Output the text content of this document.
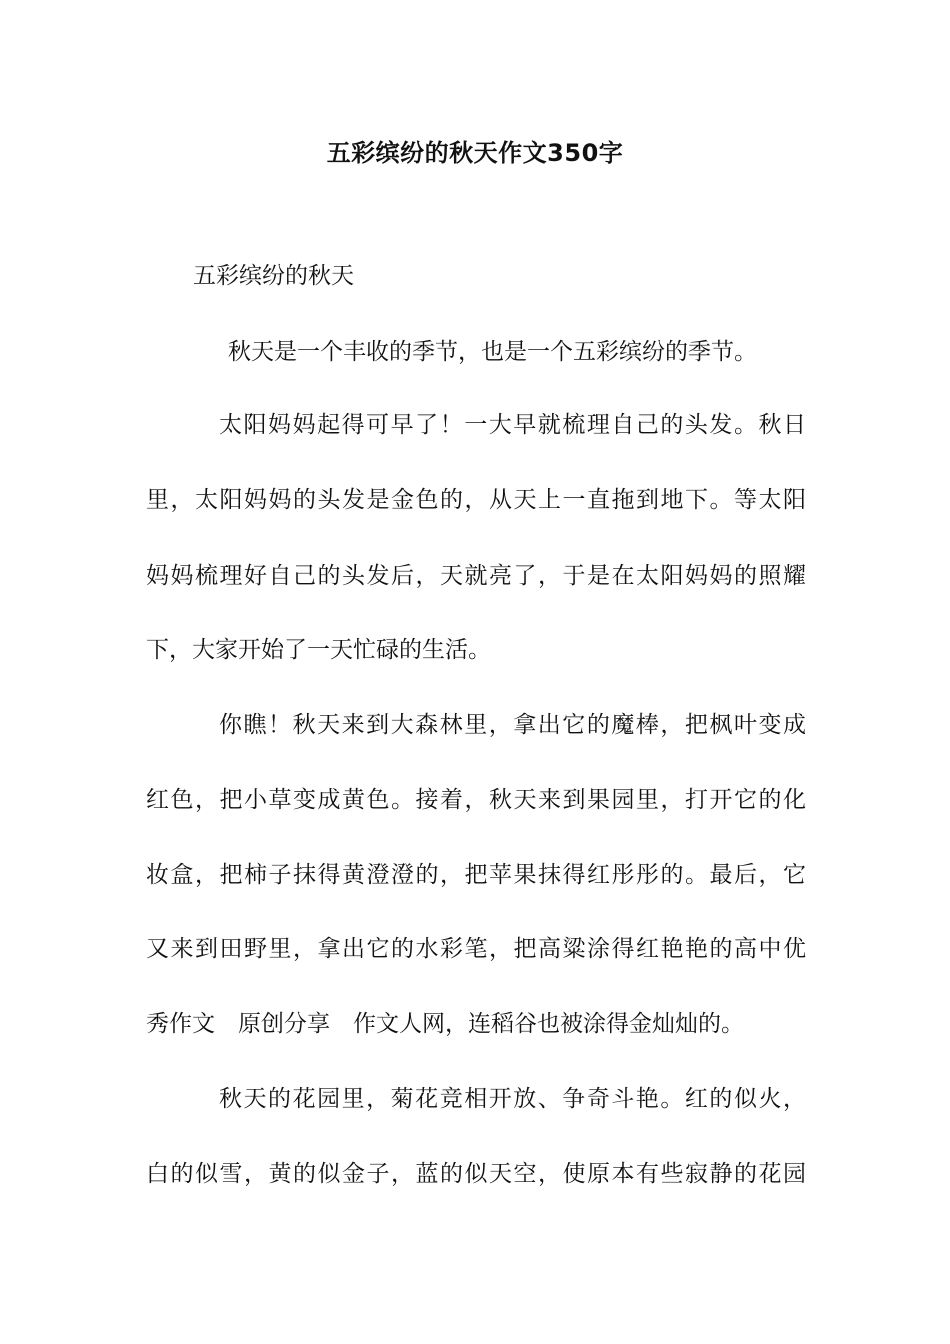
五彩缤纷的秋天作文350字
五彩缤纷的秋天
秋天是一个丰收的季节，也是一个五彩缤纷的季节。
太阳妈妈起得可早了！一大早就梳理自己的头发。秋日
里，太阳妈妈的头发是金色的，从天上一直拖到地下。等太阳
妈妈梳理好自己的头发后，天就亮了，于是在太阳妈妈的照耀
下，大家开始了一天忙碌的生活。
你瞧！秋天来到大森林里，拿出它的魔棒，把枫叶变成
红色，把小草变成黄色。接着，秋天来到果园里，打开它的化
妆盒，把柿子抹得黄澄澄的，把苹果抹得红彤彤的。最后，它
又来到田野里，拿出它的水彩笔，把高粱涂得红艳艳的高中优
秀作文　原创分享　作文人网，连稻谷也被涂得金灿灿的。
秋天的花园里，菊花竞相开放、争奇斗艳。红的似火，
白的似雪，黄的似金子，蓝的似天空，使原本有些寂静的花园
